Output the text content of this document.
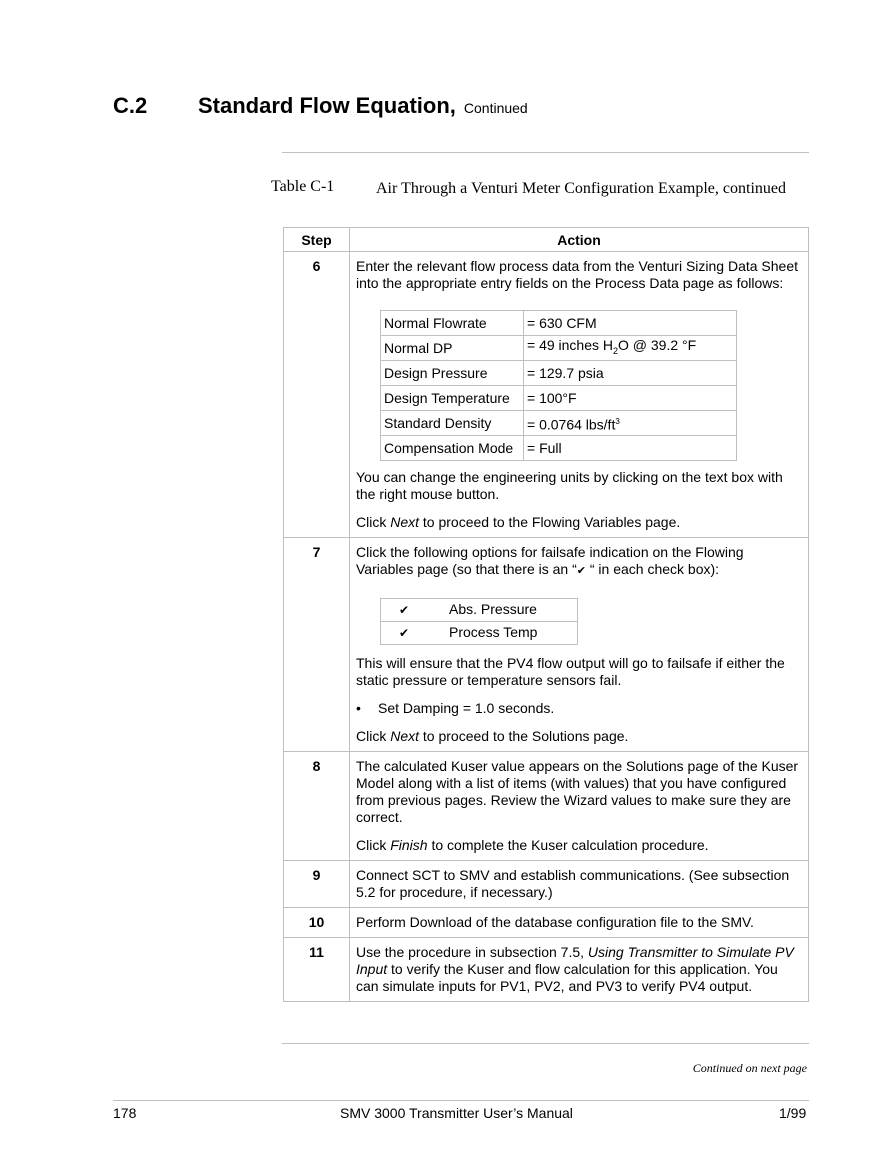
C.2 Standard Flow Equation, Continued
Table C-1	Air Through a Venturi Meter Configuration Example, continued
Step	Action
6	Enter the relevant flow process data from the Venturi Sizing Data Sheet into the appropriate entry fields on the Process Data page as follows:

Normal Flowrate	= 630 CFM
Normal DP	= 49 inches $H_2O$ @ 39.2 °F
Design Pressure	= 129.7 psia
Design Temperature	= 100°F
Standard Density	= 0.0764 lbs/$ft^3$
Compensation Mode	= Full

You can change the engineering units by clicking on the text box with the right mouse button.

Click Next to proceed to the Flowing Variables page.

7	Click the following options for failsafe indication on the Flowing Variables page (so that there is an “✔ “ in each check box):

✔	Abs. Pressure
✔	Process Temp

This will ensure that the PV4 flow output will go to failsafe if either the static pressure or temperature sensors fail.

• Set Damping = 1.0 seconds.

Click Next to proceed to the Solutions page.

8	The calculated Kuser value appears on the Solutions page of the Kuser Model along with a list of items (with values) that you have configured from previous pages. Review the Wizard values to make sure they are correct.

Click Finish to complete the Kuser calculation procedure.

9	Connect SCT to SMV and establish communications. (See subsection 5.2 for procedure, if necessary.)

10	Perform Download of the database configuration file to the SMV.

11	Use the procedure in subsection 7.5, Using Transmitter to Simulate PV Input to verify the Kuser and flow calculation for this application. You can simulate inputs for PV1, PV2, and PV3 to verify PV4 output.

Continued on next page
178	SMV 3000 Transmitter User’s Manual	1/99
